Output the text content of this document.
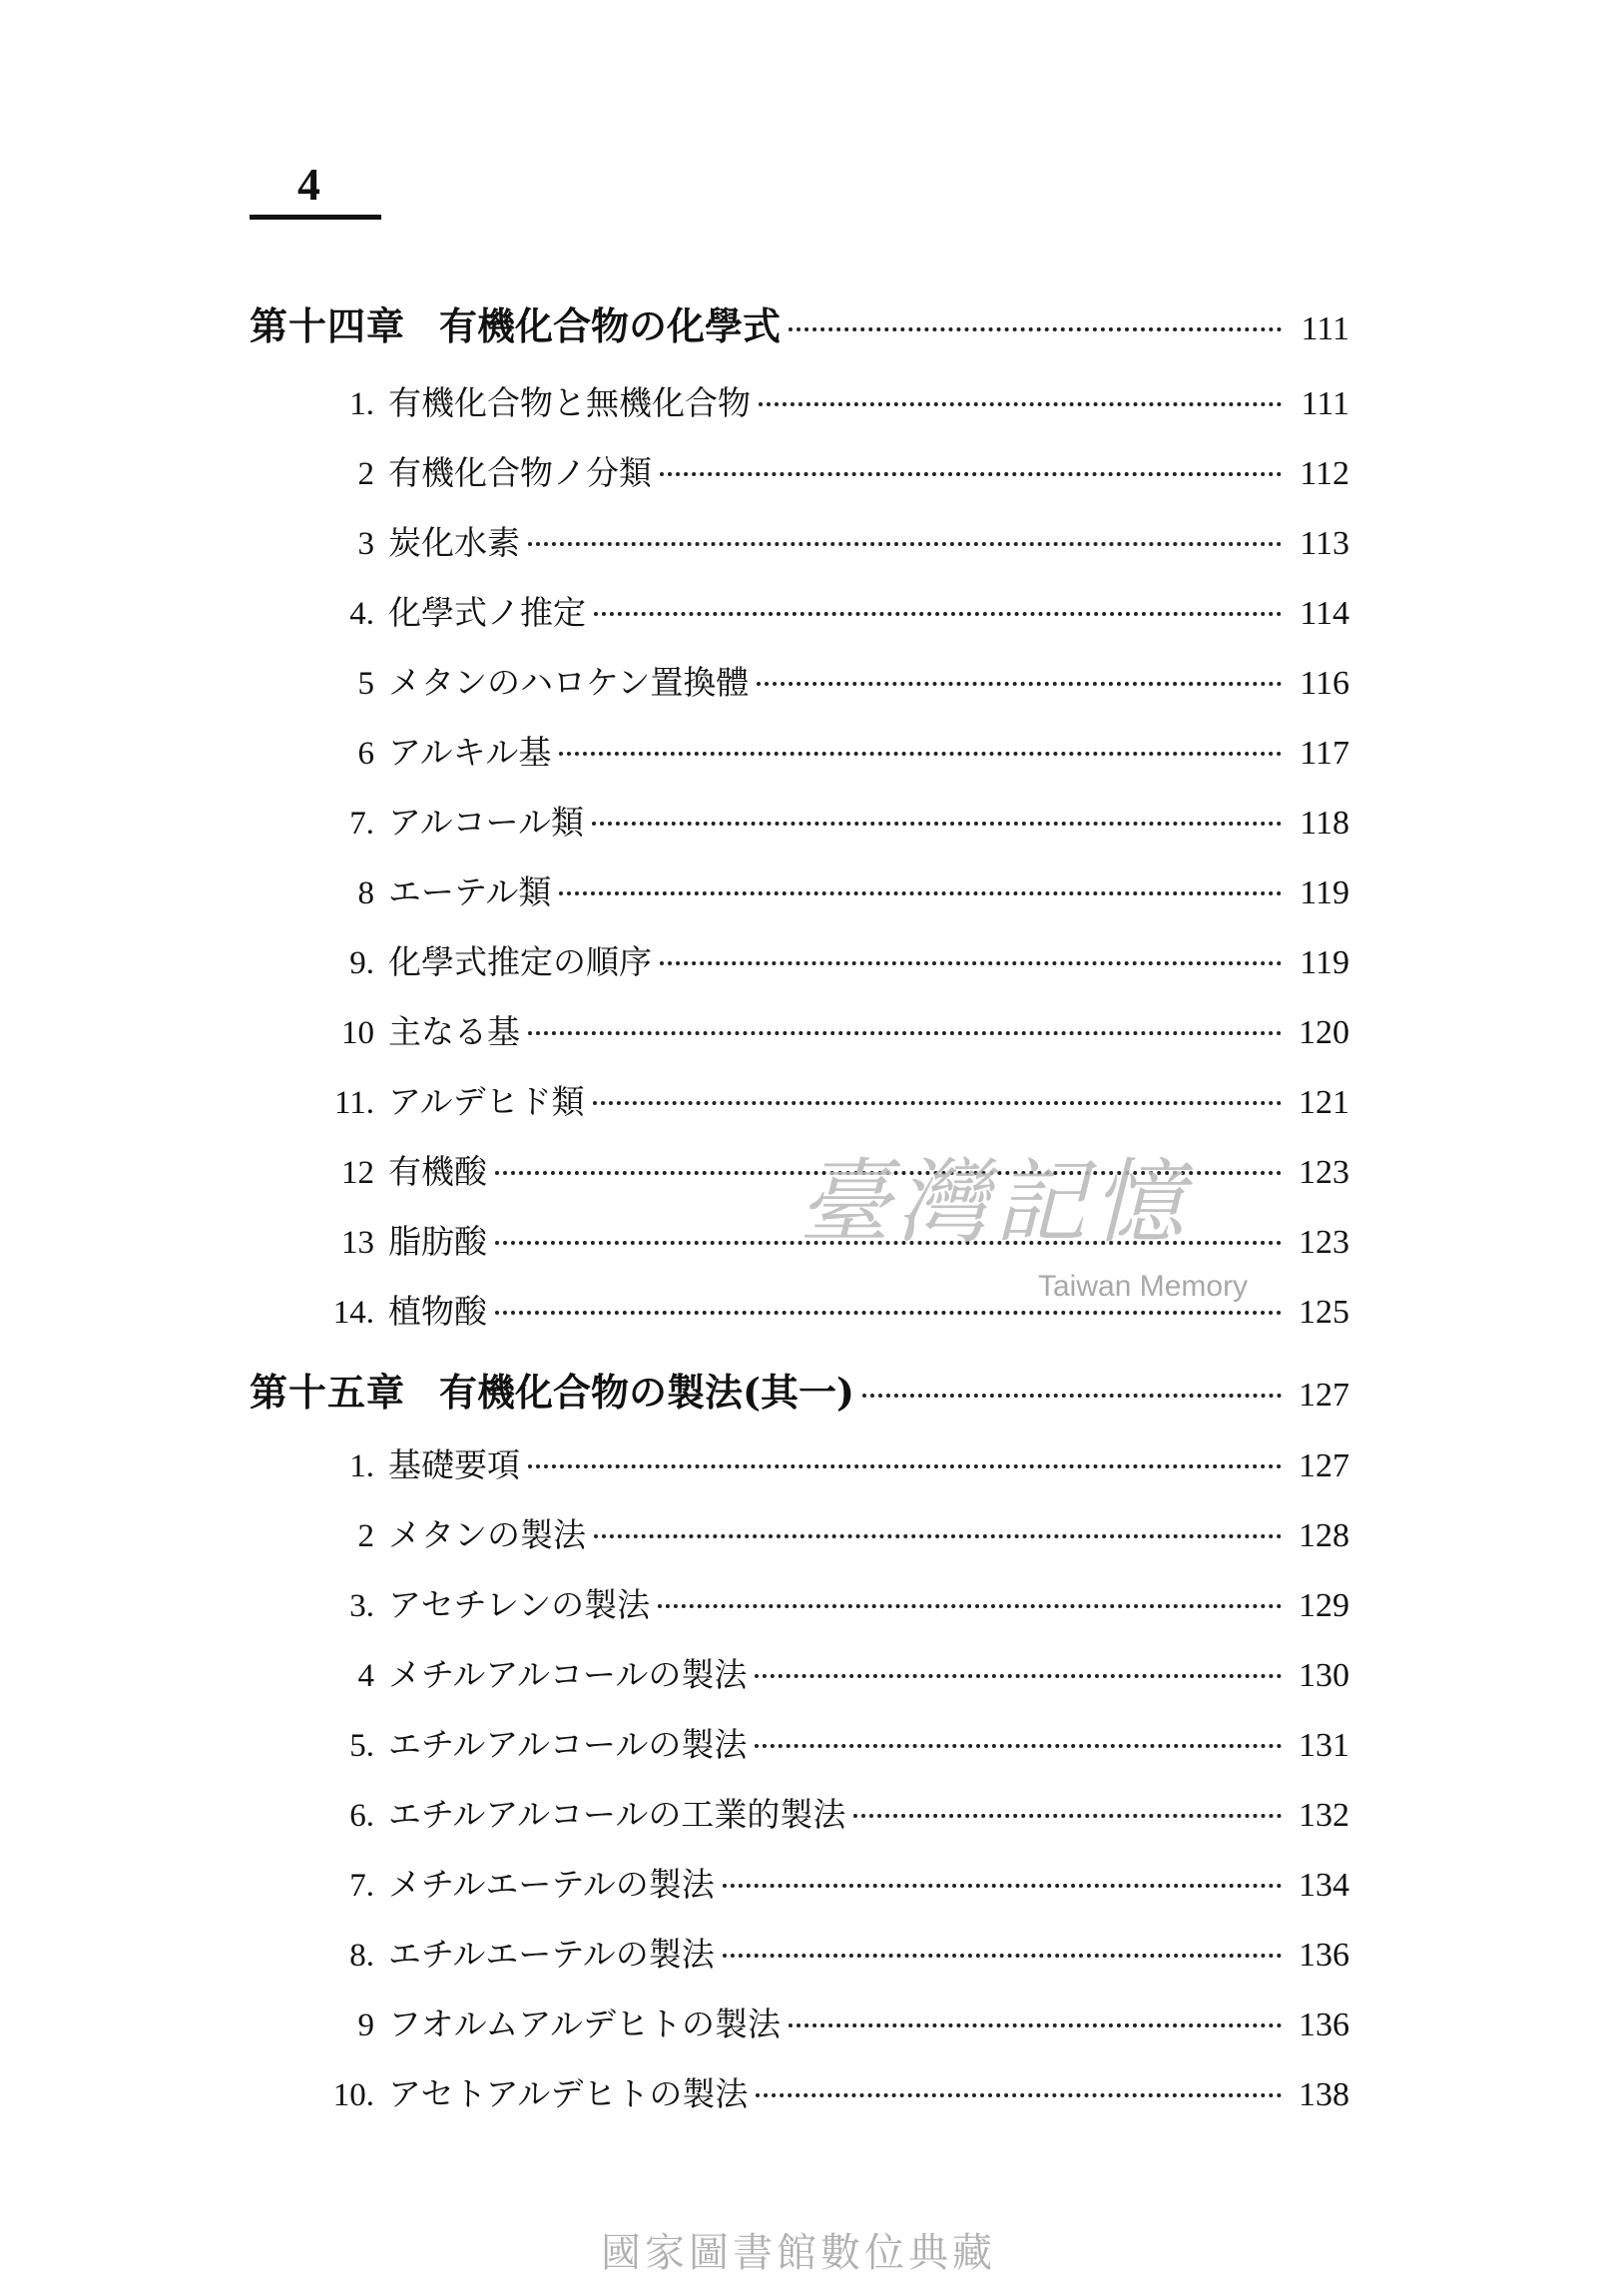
4
第十四章 有機化合物の化學式	111
1. 有機化合物と無機化合物	111
2 有機化合物ノ分類	112
3 炭化水素	113
4. 化學式ノ推定	114
5 メタンのハロケン置換體	116
6 アルキル基	117
7. アルコール類	118
8 エーテル類	119
9. 化學式推定の順序	119
10 主なる基	120
11. アルデヒド類	121
12 有機酸	123
13 脂肪酸	123
14. 植物酸	125
第十五章 有機化合物の製法(其一)	127
1. 基礎要項	127
2 メタンの製法	128
3. アセチレンの製法	129
4 メチルアルコールの製法	130
5. エチルアルコールの製法	131
6. エチルアルコールの工業的製法	132
7. メチルエーテルの製法	134
8. エチルエーテルの製法	136
9 フオルムアルデヒトの製法	136
10. アセトアルデヒトの製法	138
臺灣記憶
Taiwan Memory
國家圖書館數位典藏
